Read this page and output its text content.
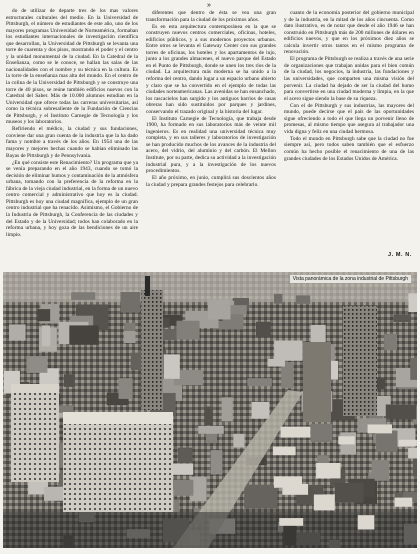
»

do de utilizar de departe tres de los mas valores estructurales culturales del medio. En la Universidad de Pittsburgh, el número de estudiantes de este año, uno de los mayores programas Universidad de Norteamérica, formaban los estudiantes internacionales de investigación científica que desarrollan, la Universidad de Pittsburgh se levanta una torre de cuarenta y dos pisos, mostrando el poder y el centro y la unidad monumental de la ciudad. En la Catedral de la Enseñanza, como se le conoce, se hallan las salas de las nacionalidades con el nombre y su técnica en la cultura. Es la torre de la enseñanza mas alta del mundo. En el centro de la colina de la Universidad de Pittsburgh y se construye una torre de 40 pisos, se reúne también edificios nuevos con la Catedral del Saber. Más de 10.000 alumnos estudian en la Universidad que ofrece todas las carreras universitarias, así como la técnica sobresaliente de la Fundación de Ciencias de Pittsburgh, y el Instituto Carnegie de Tecnología y los museos y los laboratorios.

Refiriendo el médico, la ciudad y sus fundaciones, conviene dar una gran cuenta de la industria que la ha dado fama y nombre a través de los años. En 1954 una de las mayores y mejores hechas cuando se habían eliminado las Bayas de Pittsburgh y de Pennsylvania.

¿En qué consiste este Renacimiento? Un programa que ya se venía preparando en el año 1943, cuando se tomó la decisión de eliminar humos y contaminación de la atmósfera urbana, tomando con la preferencia de la reforma en la fábrica de la vieja ciudad industrial, en la forma de un nuevo centro comercial y administrativo que hoy es la ciudad. Pittsburgh es hoy una ciudad magnífica, ejemplo de un gran centro industrial que ha renacido. Asimismo, el Gobierno de la Industria de Pittsburgh, la Conferencia de las ciudades y del Estado y de la Universidad; todos han colaborado en la reforma urbana, y hoy goza de las bendiciones de un aire limpio.

diferentes que dentro de ésta se vea una gran transformación para la ciudad de los próximos años.

Es en esta arquitectura contemporánea en la que se construyen nuevos centros comerciales, oficinas, hoteles, edificios públicos, y a sus modernos proyectos urbanos. Entre otros se levanta el Gateway Center con sus grandes torres de oficinas, los hoteles y los apartamentos de lujo, junto a los grandes almacenes, el nuevo parque del Estado en el Punto de Pittsburgh, donde se unen los tres ríos de la ciudad. La arquitectura más moderna se ha unido a la reforma del centro, dando lugar a un espacio urbano abierto y claro que se ha convertido en el ejemplo de todas las ciudades norteamericanas. Las avenidas se han ensanchado, los rascacielos han surgido y los antiguos barrios de casas obreras han sido sustituidos por parques y jardines, conservando el trazado original y la historia del lugar.

El Instituto Carnegie de Tecnología, que trabaja desde 1900, ha formado en sus laboratorios más de veinte mil ingenieros. Es en realidad una universidad técnica muy completa, y en sus talleres y laboratorios de investigación se han producido muchos de los avances de la industria del acero, del vidrio, del aluminio y del carbón. El Mellon Institute, por su parte, dedica su actividad a la investigación industrial pura, y a la investigación de los nuevos procedimientos.

El año próximo, en junio, cumplirá sus doscientos años la ciudad y prepara grandes festejos para celebrarlo.

cuanto de la economía posterior del gobierno municipal y de la industria, en la mitad de los años cincuenta. Como dato ilustrativo, es de notar que desde el año 1946 se han construido en Pittsburgh más de 200 millones de dólares en edificios nuevos, y que en los próximos diez años se calcula invertir otros tantos en el mismo programa de renovación.

El programa de Pittsburgh se realiza a través de una serie de organizaciones que trabajan unidas para el bien común de la ciudad, los negocios, la industria, las fundaciones y las universidades, que comparten una misma visión del porvenir. La ciudad ha dejado de ser la ciudad del humo para convertirse en una ciudad moderna y limpia, en la que el acero sigue siendo la base de su riqueza.

Con el de Pittsburgh y sus industrias, las mayores del mundo, puede decirse que el país de las oportunidades sigue ofreciendo a todo el que llega un porvenir lleno de promesas, al mismo tiempo que asegura al trabajador una vida digna y feliz en una ciudad hermosa.

Todo el mundo en Pittsburgh sabe que la ciudad no fue siempre así, pero todos saben también que el esfuerzo común ha hecho posible el renacimiento de una de las grandes ciudades de los Estados Unidos de América.

J. M. N.
Vista panorámica de la zona industrial de Pittsburgh
